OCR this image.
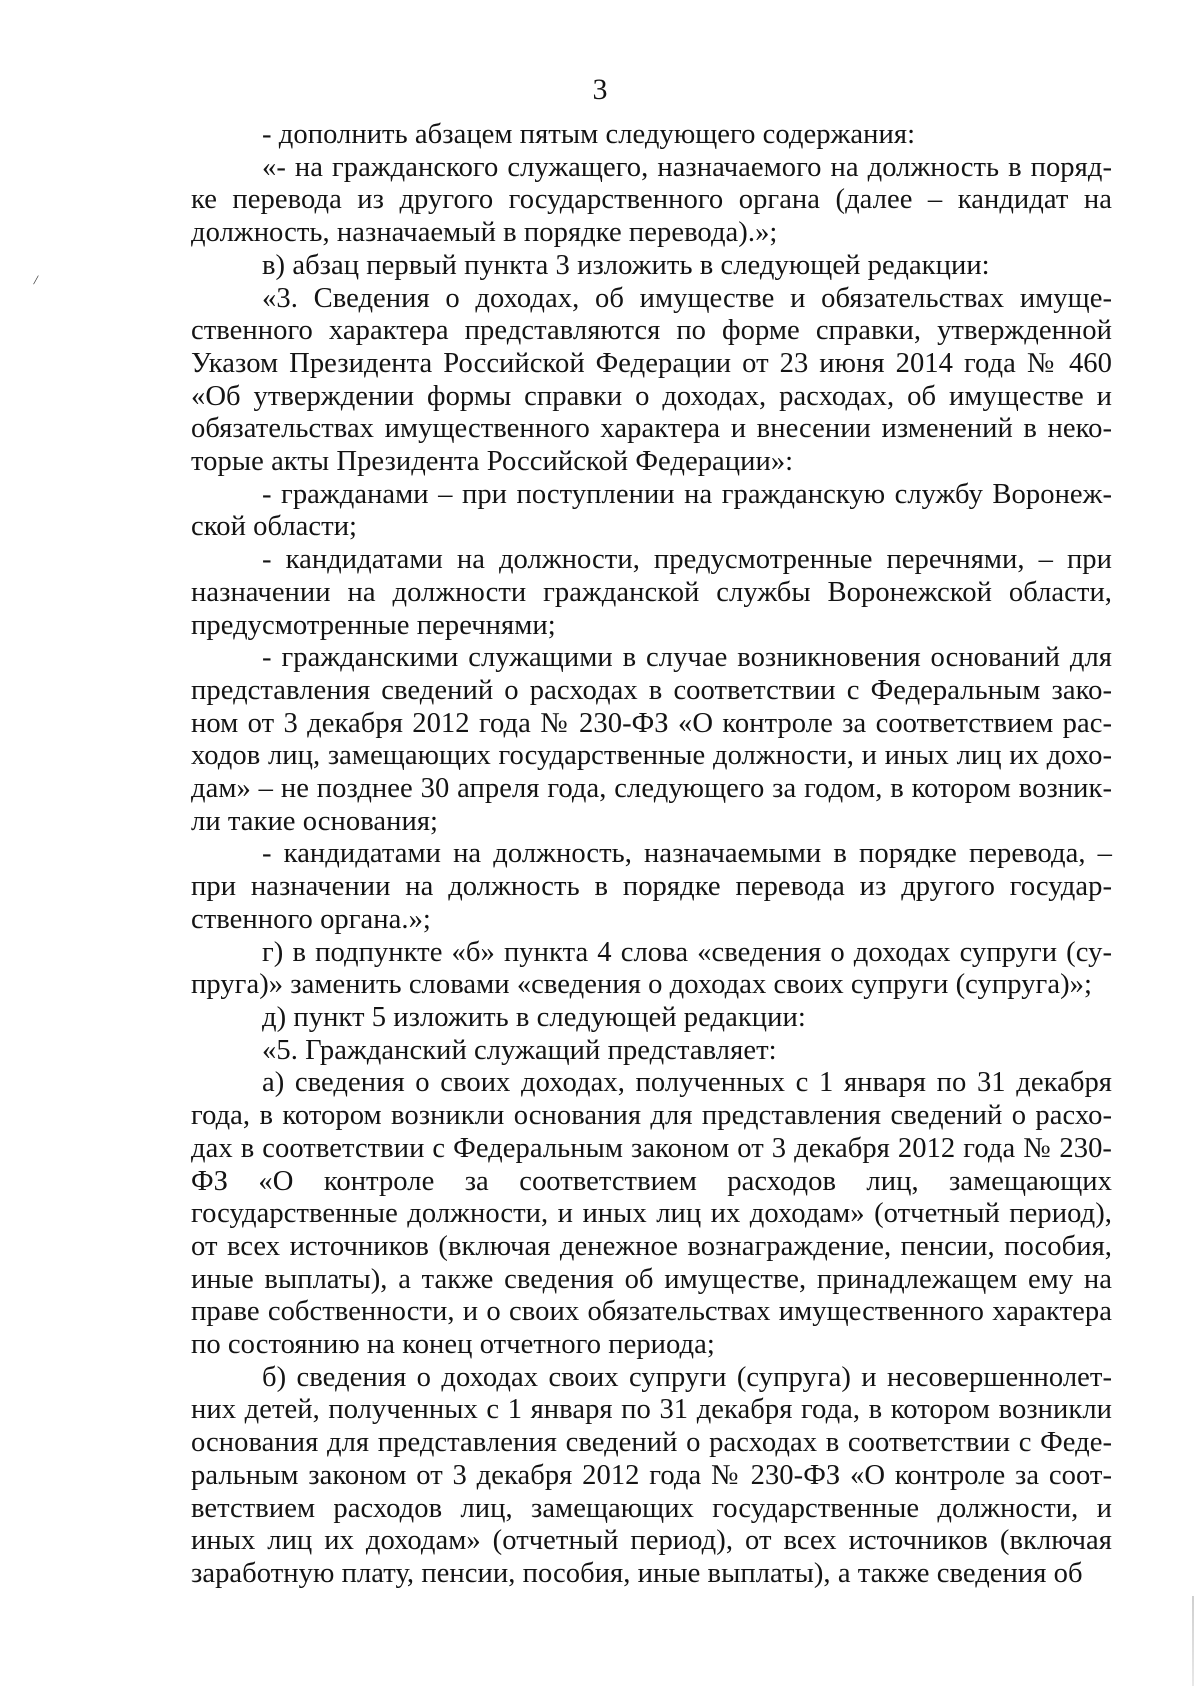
/
3

- дополнить абзацем пятым следующего содержания:

«- на гражданского служащего, назначаемого на должность в порядке перевода из другого государственного органа (далее – кандидат на должность, назначаемый в порядке перевода).»;

в) абзац первый пункта 3 изложить в следующей редакции:

«3. Сведения о доходах, об имуществе и обязательствах имущественного характера представляются по форме справки, утвержденной Указом Президента Российской Федерации от 23 июня 2014 года № 460 «Об утверждении формы справки о доходах, расходах, об имуществе и обязательствах имущественного характера и внесении изменений в некоторые акты Президента Российской Федерации»:

- гражданами – при поступлении на гражданскую службу Воронежской области;

- кандидатами на должности, предусмотренные перечнями, – при назначении на должности гражданской службы Воронежской области, предусмотренные перечнями;

- гражданскими служащими в случае возникновения оснований для представления сведений о расходах в соответствии с Федеральным законом от 3 декабря 2012 года № 230-ФЗ «О контроле за соответствием расходов лиц, замещающих государственные должности, и иных лиц их доходам» – не позднее 30 апреля года, следующего за годом, в котором возникли такие основания;

- кандидатами на должность, назначаемыми в порядке перевода, – при назначении на должность в порядке перевода из другого государственного органа.»;

г) в подпункте «б» пункта 4 слова «сведения о доходах супруги (супруга)» заменить словами «сведения о доходах своих супруги (супруга)»;

д) пункт 5 изложить в следующей редакции:

«5. Гражданский служащий представляет:

а) сведения о своих доходах, полученных с 1 января по 31 декабря года, в котором возникли основания для представления сведений о расходах в соответствии с Федеральным законом от 3 декабря 2012 года № 230-ФЗ «О контроле за соответствием расходов лиц, замещающих государственные должности, и иных лиц их доходам» (отчетный период), от всех источников (включая денежное вознаграждение, пенсии, пособия, иные выплаты), а также сведения об имуществе, принадлежащем ему на праве собственности, и о своих обязательствах имущественного характера по состоянию на конец отчетного периода;

б) сведения о доходах своих супруги (супруга) и несовершеннолетних детей, полученных с 1 января по 31 декабря года, в котором возникли основания для представления сведений о расходах в соответствии с Федеральным законом от 3 декабря 2012 года № 230-ФЗ «О контроле за соответствием расходов лиц, замещающих государственные должности, и иных лиц их доходам» (отчетный период), от всех источников (включая заработную плату, пенсии, пособия, иные выплаты), а также сведения об
